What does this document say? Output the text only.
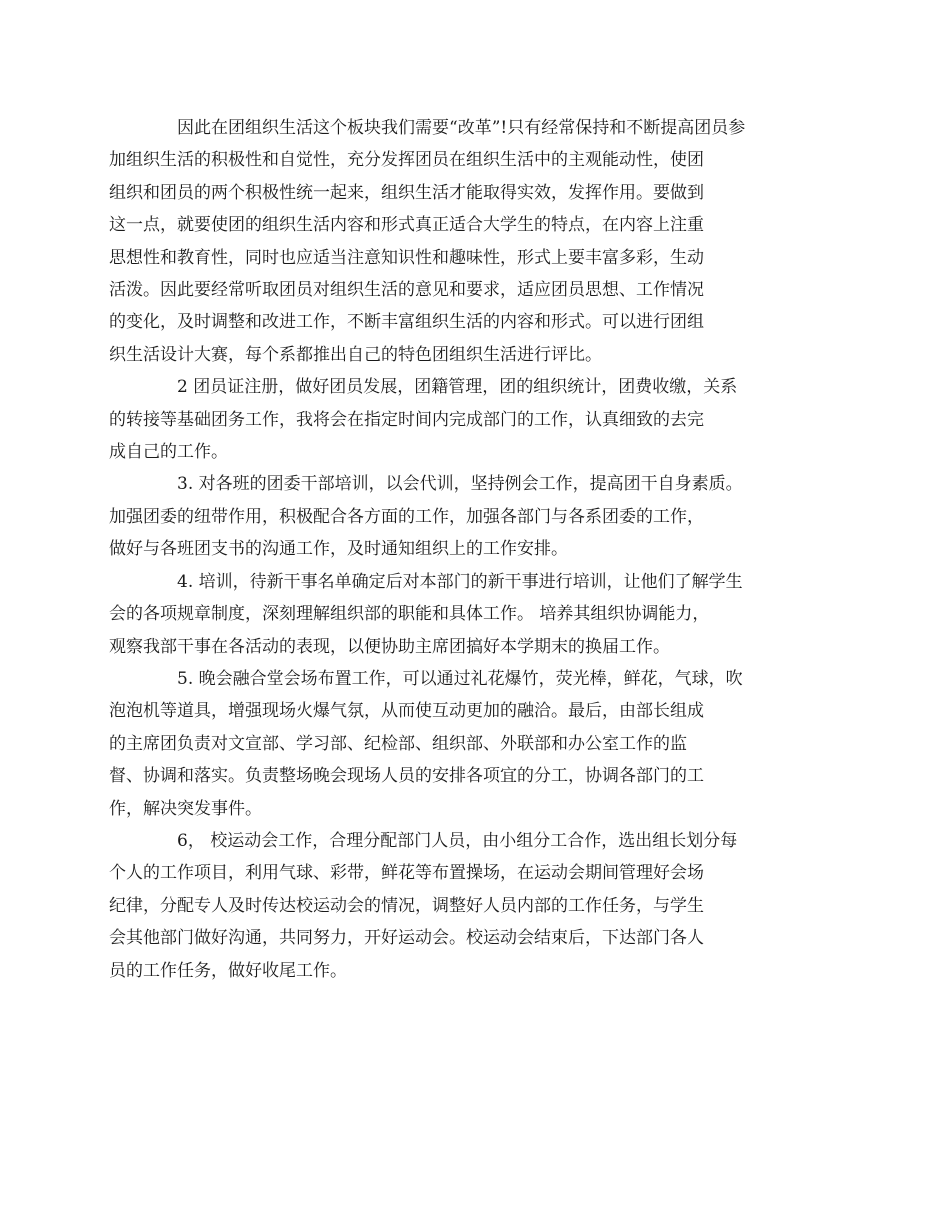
因此在团组织生活这个板块我们需要“改革”!只有经常保持和不断提高团员参
加组织生活的积极性和自觉性，充分发挥团员在组织生活中的主观能动性，使团
组织和团员的两个积极性统一起来，组织生活才能取得实效，发挥作用。要做到
这一点，就要使团的组织生活内容和形式真正适合大学生的特点，在内容上注重
思想性和教育性，同时也应适当注意知识性和趣味性，形式上要丰富多彩，生动
活泼。因此要经常听取团员对组织生活的意见和要求，适应团员思想、工作情况
的变化，及时调整和改进工作，不断丰富组织生活的内容和形式。可以进行团组
织生活设计大赛，每个系都推出自己的特色团组织生活进行评比。

2 团员证注册，做好团员发展，团籍管理，团的组织统计，团费收缴，关系
的转接等基础团务工作，我将会在指定时间内完成部门的工作，认真细致的去完
成自己的工作。

3. 对各班的团委干部培训，以会代训，坚持例会工作，提高团干自身素质。
加强团委的纽带作用，积极配合各方面的工作，加强各部门与各系团委的工作，
做好与各班团支书的沟通工作，及时通知组织上的工作安排。

4. 培训，待新干事名单确定后对本部门的新干事进行培训，让他们了解学生
会的各项规章制度，深刻理解组织部的职能和具体工作。 培养其组织协调能力，
观察我部干事在各活动的表现，以便协助主席团搞好本学期末的换届工作。

5. 晚会融合堂会场布置工作，可以通过礼花爆竹，荧光棒，鲜花，气球，吹
泡泡机等道具，增强现场火爆气氛，从而使互动更加的融洽。最后，由部长组成
的主席团负责对文宣部、学习部、纪检部、组织部、外联部和办公室工作的监
督、协调和落实。负责整场晚会现场人员的安排各项宜的分工，协调各部门的工
作，解决突发事件。

6， 校运动会工作，合理分配部门人员，由小组分工合作，选出组长划分每
个人的工作项目，利用气球、彩带，鲜花等布置操场，在运动会期间管理好会场
纪律，分配专人及时传达校运动会的情况，调整好人员内部的工作任务，与学生
会其他部门做好沟通，共同努力，开好运动会。校运动会结束后，下达部门各人
员的工作任务，做好收尾工作。
